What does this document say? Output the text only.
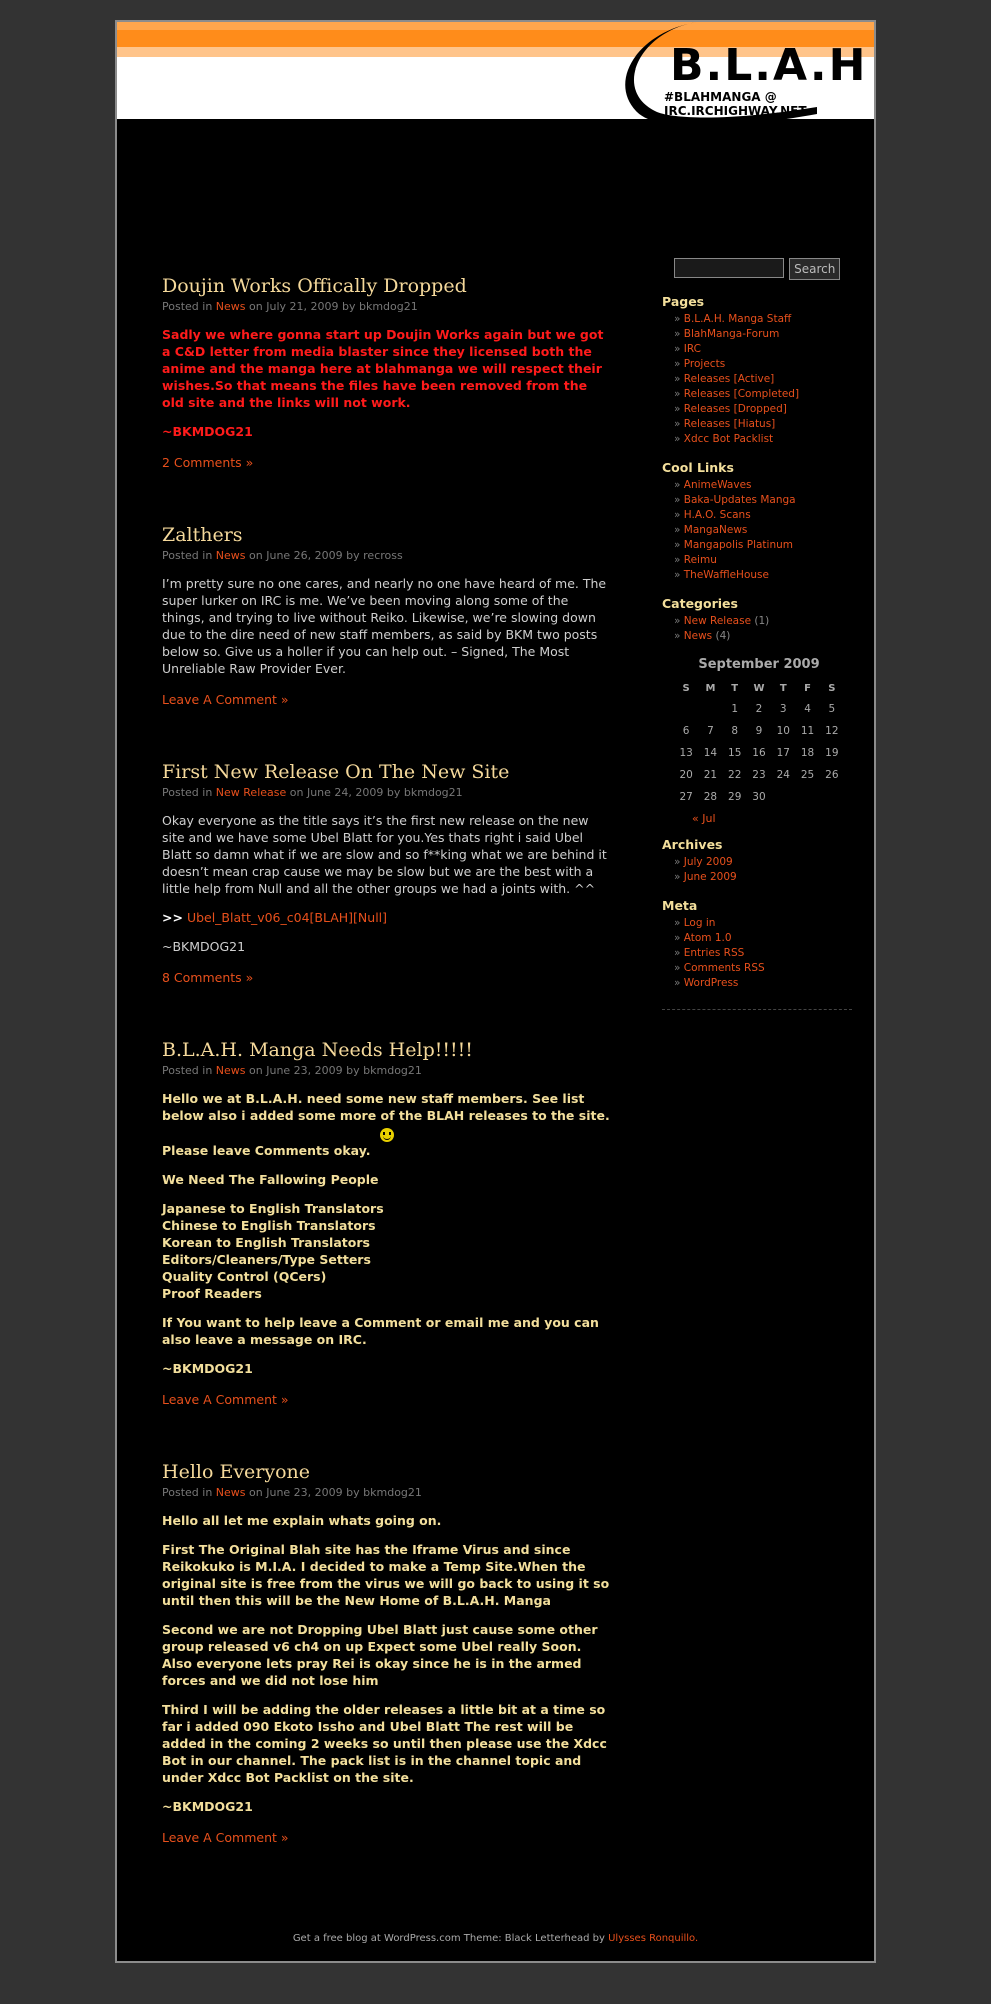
B.L.A.H
#BLAHMANGA @ IRC.IRCHIGHWAY.NET
Doujin Works Offically Dropped
Posted in News on July 21, 2009 by bkmdog21

Sadly we where gonna start up Doujin Works again but we got a C&D letter from media blaster since they licensed both the anime and the manga here at blahmanga we will respect their wishes.So that means the files have been removed from the old site and the links will not work.

~BKMDOG21

2 Comments »
Zalthers
Posted in News on June 26, 2009 by recross

I’m pretty sure no one cares, and nearly no one have heard of me. The super lurker on IRC is me. We’ve been moving along some of the things, and trying to live without Reiko. Likewise, we’re slowing down due to the dire need of new staff members, as said by BKM two posts below so. Give us a holler if you can help out. – Signed, The Most Unreliable Raw Provider Ever.

Leave A Comment »
First New Release On The New Site
Posted in New Release on June 24, 2009 by bkmdog21

Okay everyone as the title says it’s the first new release on the new site and we have some Ubel Blatt for you.Yes thats right i said Ubel Blatt so damn what if we are slow and so f**king what we are behind it doesn’t mean crap cause we may be slow but we are the best with a little help from Null and all the other groups we had a joints with. ^^

>> Ubel_Blatt_v06_c04[BLAH][Null]

~BKMDOG21

8 Comments »
B.L.A.H. Manga Needs Help!!!!!
Posted in News on June 23, 2009 by bkmdog21

Hello we at B.L.A.H. need some new staff members. See list below also i added some more of the BLAH releases to the site.

Please leave Comments okay.

We Need The Fallowing People

Japanese to English Translators
Chinese to English Translators
Korean to English Translators
Editors/Cleaners/Type Setters
Quality Control (QCers)
Proof Readers

If You want to help leave a Comment or email me and you can also leave a message on IRC.

~BKMDOG21

Leave A Comment »
Hello Everyone
Posted in News on June 23, 2009 by bkmdog21

Hello all let me explain whats going on.

First The Original Blah site has the Iframe Virus and since Reikokuko is M.I.A. I decided to make a Temp Site.When the original site is free from the virus we will go back to using it so until then this will be the New Home of B.L.A.H. Manga

Second we are not Dropping Ubel Blatt just cause some other group released v6 ch4 on up Expect some Ubel really Soon. Also everyone lets pray Rei is okay since he is in the armed forces and we did not lose him

Third I will be adding the older releases a little bit at a time so far i added 090 Ekoto Issho and Ubel Blatt The rest will be added in the coming 2 weeks so until then please use the Xdcc Bot in our channel. The pack list is in the channel topic and under Xdcc Bot Packlist on the site.

~BKMDOG21

Leave A Comment »
Search
Pages
» B.L.A.H. Manga Staff
» BlahManga-Forum
» IRC
» Projects
» Releases [Active]
» Releases [Completed]
» Releases [Dropped]
» Releases [Hiatus]
» Xdcc Bot Packlist
Cool Links
» AnimeWaves
» Baka-Updates Manga
» H.A.O. Scans
» MangaNews
» Mangapolis Platinum
» Reimu
» TheWaffleHouse
Categories
» New Release (1)
» News (4)
September 2009
S	M	T	W	T	F	S
		1	2	3	4	5
6	7	8	9	10	11	12
13	14	15	16	17	18	19
20	21	22	23	24	25	26
27	28	29	30			
« Jul
Archives
» July 2009
» June 2009
Meta
» Log in
» Atom 1.0
» Entries RSS
» Comments RSS
» WordPress
Get a free blog at WordPress.com Theme: Black Letterhead by Ulysses Ronquillo.
